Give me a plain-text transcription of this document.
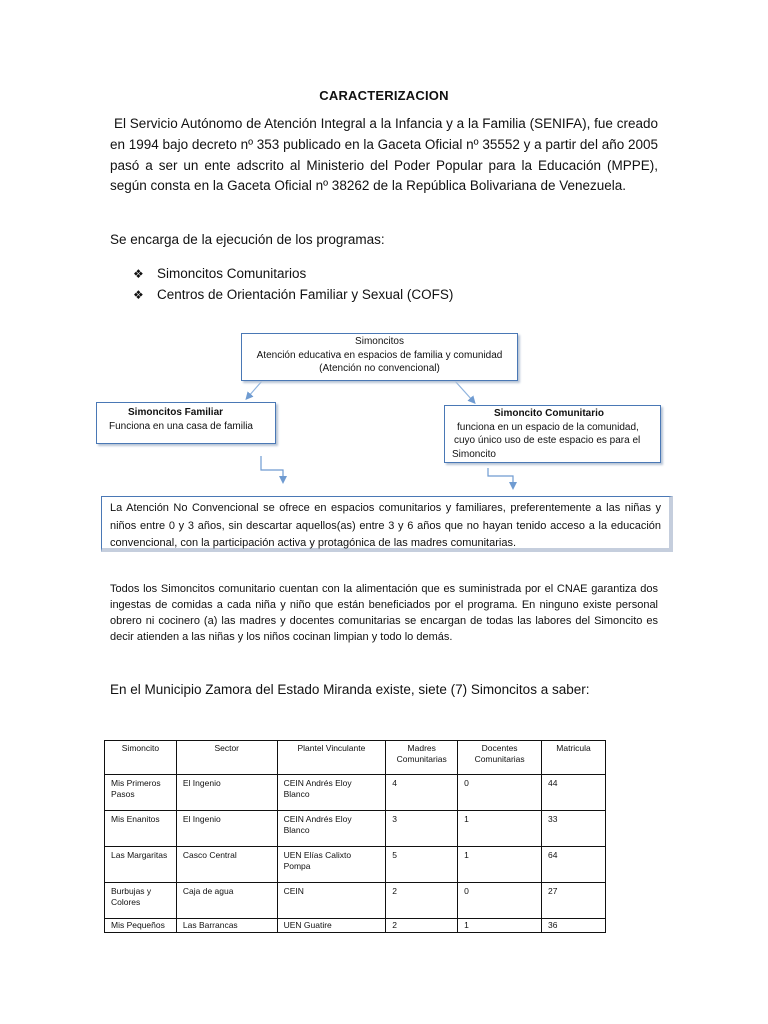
CARACTERIZACION
El Servicio Autónomo de Atención Integral a la Infancia y a la Familia (SENIFA), fue creado en 1994 bajo decreto nº 353 publicado en la Gaceta Oficial nº 35552 y a partir del año 2005 pasó a ser un ente adscrito al Ministerio del Poder Popular para la Educación (MPPE), según consta en la Gaceta Oficial nº 38262 de la República Bolivariana de Venezuela.
Se encarga de la ejecución de los programas:
❖ Simoncitos Comunitarios
❖ Centros de Orientación Familiar y Sexual (COFS)
Simoncitos
Atención educativa en espacios de familia y comunidad
(Atención no convencional)
Simoncitos Familiar
Funciona en una casa de familia
Simoncito Comunitario
funciona en un espacio de la comunidad,
cuyo único uso de este espacio es para el
Simoncito
La Atención No Convencional se ofrece en espacios comunitarios y familiares, preferentemente a las niñas y niños entre 0 y 3 años, sin descartar aquellos(as) entre 3 y 6 años que no hayan tenido acceso a la educación convencional, con la participación activa y protagónica de las madres comunitarias.
Todos los Simoncitos comunitario cuentan con la alimentación que es suministrada por el CNAE garantiza dos ingestas de comidas a cada niña y niño que están beneficiados por el programa. En ninguno existe personal obrero ni cocinero (a) las madres y docentes comunitarias se encargan de todas las labores del Simoncito es decir atienden a las niñas y los niños cocinan limpian y todo lo demás.
En el Municipio Zamora del Estado Miranda existe, siete (7) Simoncitos a saber:
Simoncito	Sector	Plantel Vinculante	Madres Comunitarias	Docentes Comunitarias	Matricula
Mis Primeros Pasos	El Ingenio	CEIN Andrés Eloy Blanco	4	0	44
Mis Enanitos	El Ingenio	CEIN Andrés Eloy Blanco	3	1	33
Las Margaritas	Casco Central	UEN Elías Calixto Pompa	5	1	64
Burbujas y Colores	Caja de agua	CEIN	2	0	27
Mis Pequeños	Las Barrancas	UEN Guatire	2	1	36
